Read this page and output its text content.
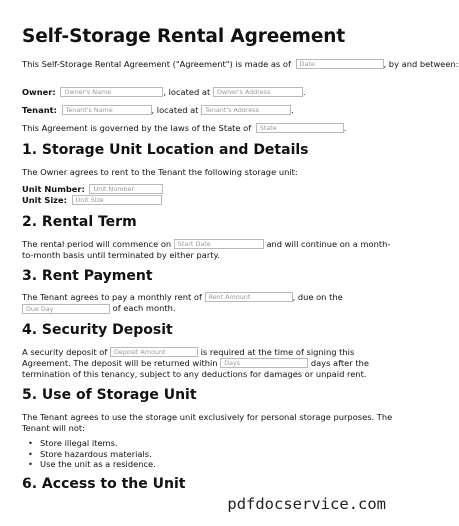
Self-Storage Rental Agreement

This Self-Storage Rental Agreement ("Agreement") is made as of Date	, by and between:

Owner: Owner's Name	, located at Owner's Address	.

Tenant: Tenant's Name	, located at Tenant's Address	.

This Agreement is governed by the laws of the State of State	.

1. Storage Unit Location and Details

The Owner agrees to rent to the Tenant the following storage unit:

Unit Number: Unit Number

Unit Size: Unit Size

2. Rental Term

The rental period will commence on Start Date	and will continue on a month-

to-month basis until terminated by either party.

3. Rent Payment

The Tenant agrees to pay a monthly rent of Rent Amount	, due on the

Due Day	of each month.

4. Security Deposit

A security deposit of Deposit Amount	is required at the time of signing this

Agreement. The deposit will be returned within Days	days after the

termination of this tenancy, subject to any deductions for damages or unpaid rent.

5. Use of Storage Unit

The Tenant agrees to use the storage unit exclusively for personal storage purposes. The

Tenant will not:

• Store illegal items.
• Store hazardous materials.
• Use the unit as a residence.
6. Access to the Unit
pdfdocservice.com
